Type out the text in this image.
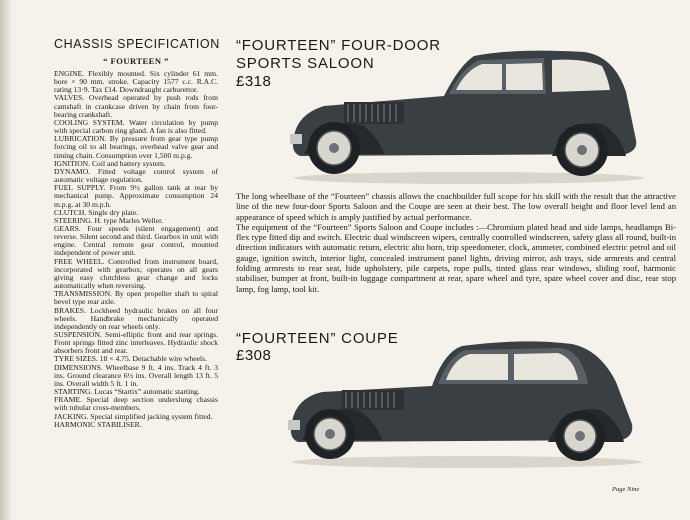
CHASSIS SPECIFICATION
“ FOURTEEN ”

ENGINE. Flexibly mounted. Six cylinder 61 mm. bore × 90 mm. stroke. Capacity 1577 c.c. R.A.C. rating 13·9. Tax £14. Downdraught carburettor.

VALVES. Overhead operated by push rods from camshaft in crankcase driven by chain from four-bearing crankshaft.

COOLING SYSTEM. Water circulation by pump with special carbon ring gland. A fan is also fitted.

LUBRICATION. By pressure from gear type pump forcing oil to all bearings, overhead valve gear and timing chain. Consumption over 1,500 m.p.g.

IGNITION. Coil and battery system.

DYNAMO. Fitted voltage control system of automatic voltage regulation.

FUEL SUPPLY. From 9½ gallon tank at rear by mechanical pump. Approximate consumption 24 m.p.g. at 30 m.p.h.

CLUTCH. Single dry plate.

STEERING. H. type Marles Weller.

GEARS. Four speeds (silent engagement) and reverse. Silent second and third. Gearbox in unit with engine. Central remote gear control, mounted independent of power unit.

FREE WHEEL. Controlled from instrument board, incorporated with gearbox; operates on all gears giving easy clutchless gear change and locks automatically when reversing.

TRANSMISSION. By open propeller shaft to spiral bevel type rear axle.

BRAKES. Lockheed hydraulic brakes on all four wheels. Handbrake mechanically operated independently on rear wheels only.

SUSPENSION. Semi-elliptic front and rear springs. Front springs fitted zinc interleaves. Hydraulic shock absorbers front and rear.

TYRE SIZES. 18 × 4.75. Detachable wire wheels.

DIMENSIONS. Wheelbase 9 ft. 4 ins. Track 4 ft. 3 ins. Ground clearance 6½ ins. Overall length 13 ft. 5 ins. Overall width 5 ft. 1 in.

STARTING. Lucas “Startix” automatic starting.

FRAME. Special deep section underslung chassis with tubular cross-members.

JACKING. Special simplified jacking system fitted.

HARMONIC STABILISER.

“FOURTEEN” FOUR-DOOR SPORTS SALOON
£318

The long wheelbase of the “Fourteen” chassis allows the coachbuilder full scope for his skill with the result that the attractive line of the new four-door Sports Saloon and the Coupe are seen at their best. The low overall height and floor level lend an appearance of speed which is amply justified by actual performance.

The equipment of the “Fourteen” Sports Saloon and Coupe includes :—Chromium plated head and side lamps, headlamps Bi-flex type fitted dip and switch. Electric dual windscreen wipers, centrally controlled windscreen, safety glass all round, built-in direction indicators with automatic return, electric alto horn, trip speedometer, clock, ammeter, combined electric petrol and oil gauge, ignition switch, interior light, concealed instrument panel lights, driving mirror, ash trays, side armrests and central folding armrests to rear seat, hide upholstery, pile carpets, rope pulls, tinted glass rear windows, sliding roof, harmonic stabiliser, bumper at front, built-in luggage compartment at rear, spare wheel and tyre, spare wheel cover and disc, rear stop lamp, fog lamp, tool kit.

“FOURTEEN” COUPE
£308
Page Nine
